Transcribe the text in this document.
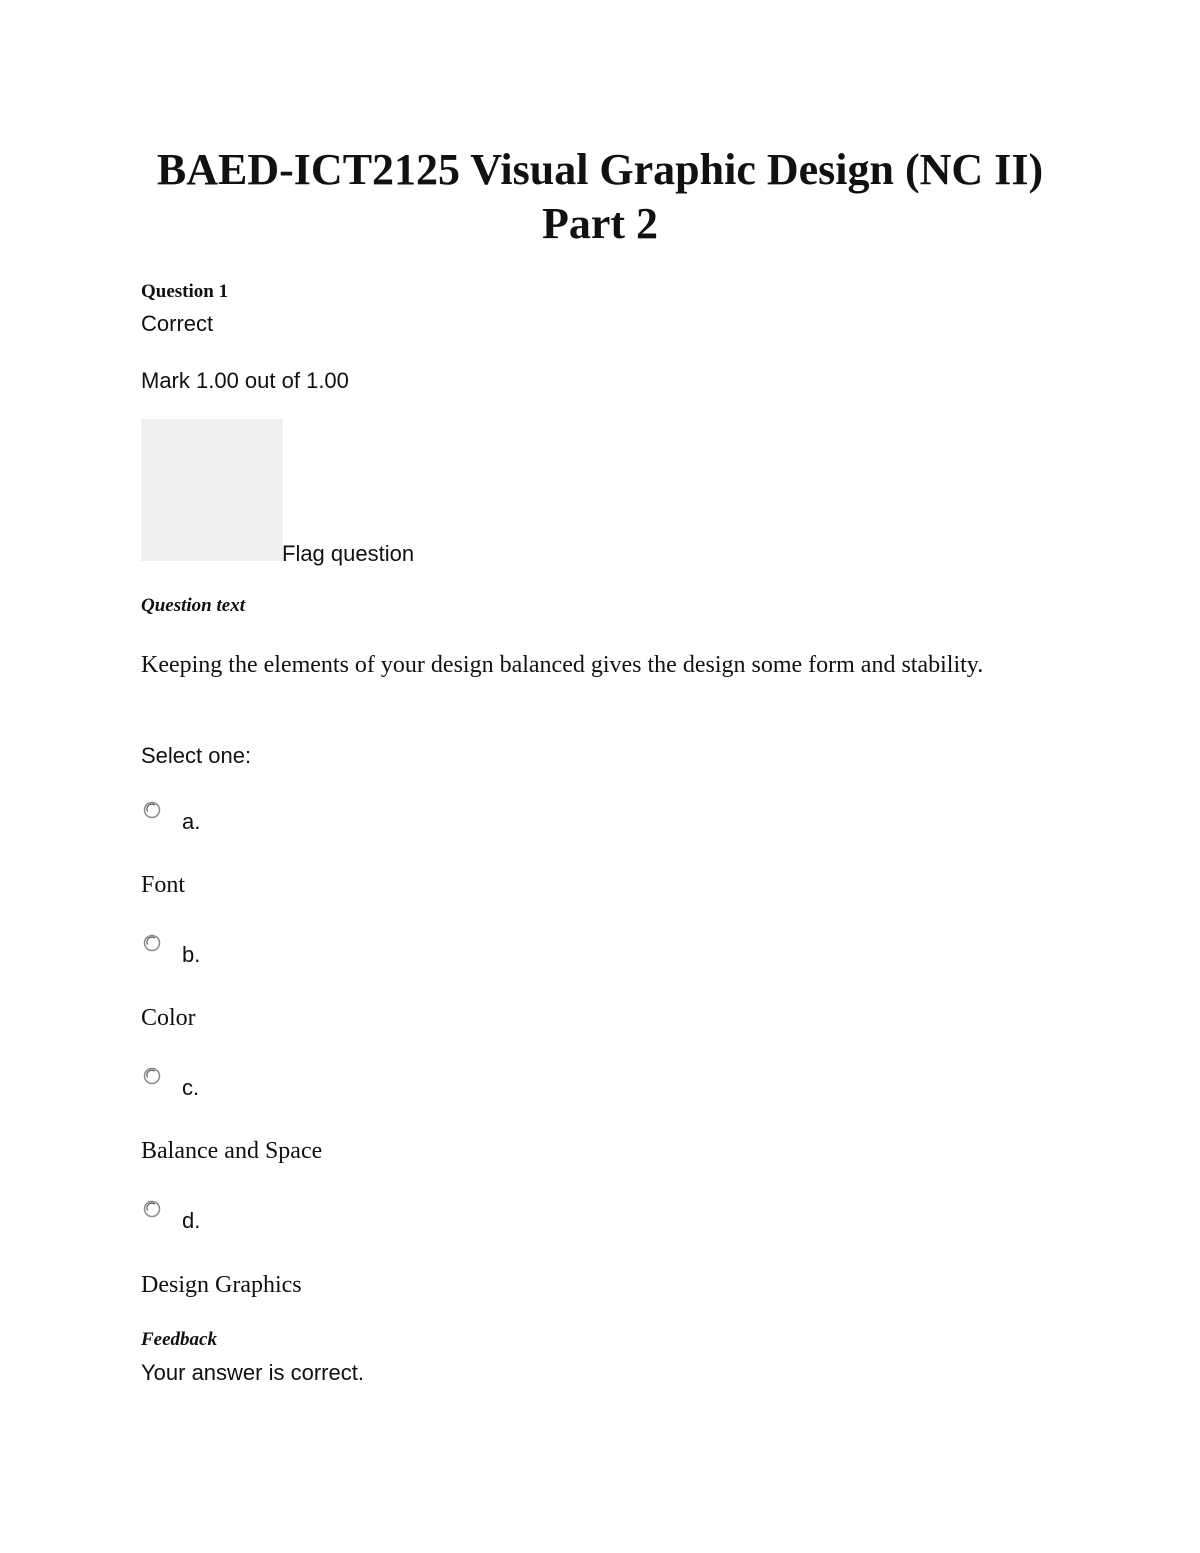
BAED-ICT2125 Visual Graphic Design (NC II) Part 2
Question 1
Correct
Mark 1.00 out of 1.00
Flag question
Question text

Keeping the elements of your design balanced gives the design some form and stability.

Select one:
a.
Font
b.
Color
c.
Balance and Space
d.
Design Graphics
Feedback
Your answer is correct.
